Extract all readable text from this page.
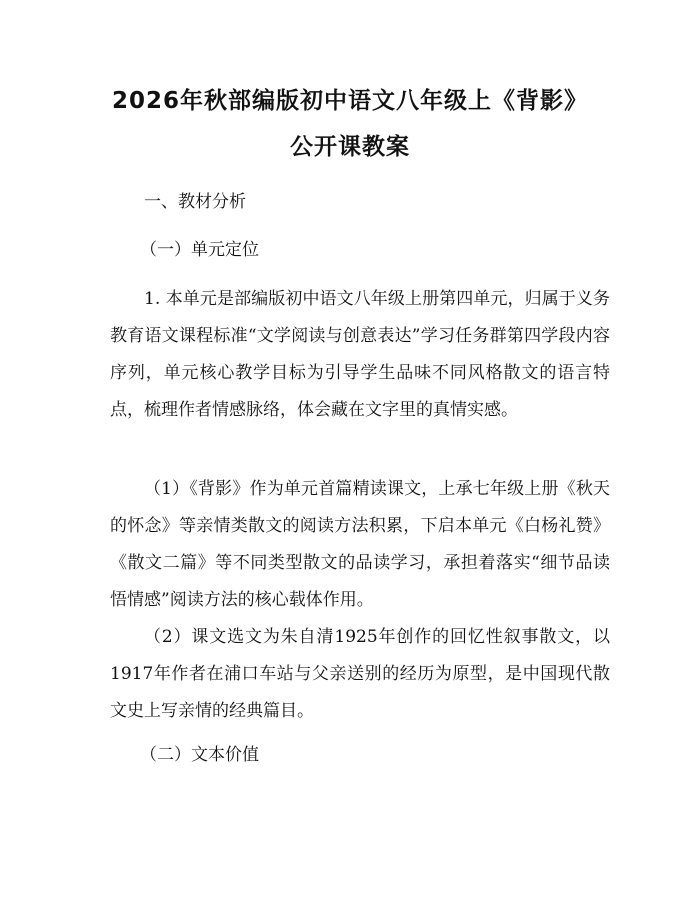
2026年秋部编版初中语文八年级上《背影》
公开课教案

一、教材分析

（一）单元定位

1. 本单元是部编版初中语文八年级上册第四单元，归属于义务教育语文课程标准“文学阅读与创意表达”学习任务群第四学段内容序列，单元核心教学目标为引导学生品味不同风格散文的语言特点，梳理作者情感脉络，体会藏在文字里的真情实感。

（1）《背影》作为单元首篇精读课文，上承七年级上册《秋天的怀念》等亲情类散文的阅读方法积累，下启本单元《白杨礼赞》《散文二篇》等不同类型散文的品读学习，承担着落实“细节品读悟情感”阅读方法的核心载体作用。

（2）课文选文为朱自清1925年创作的回忆性叙事散文，以1917年作者在浦口车站与父亲送别的经历为原型，是中国现代散文史上写亲情的经典篇目。

（二）文本价值
